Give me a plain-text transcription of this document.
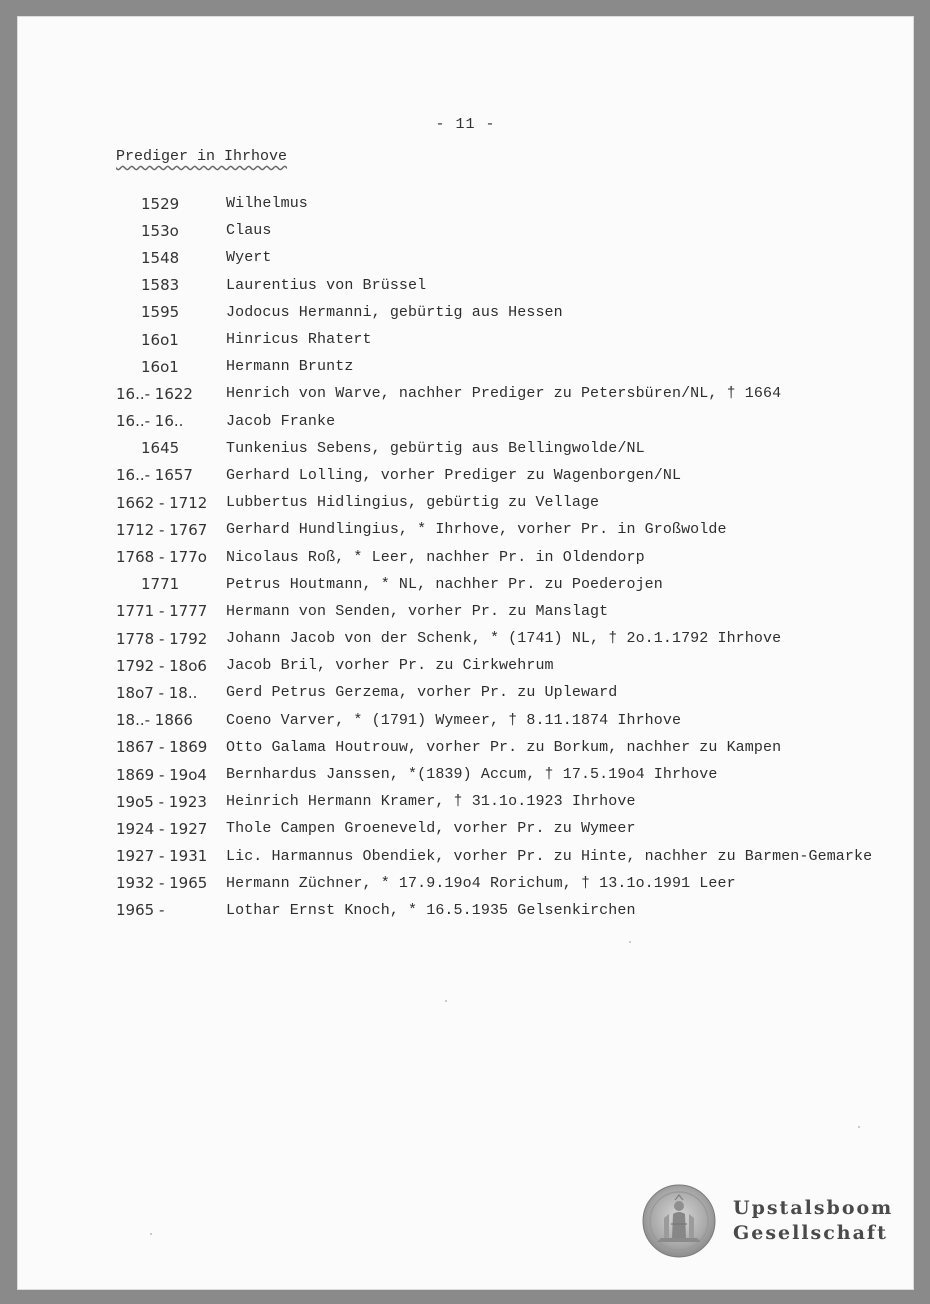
- 11 -
Prediger in Ihrhove
1529	Wilhelmus
153o	Claus
1548	Wyert
1583	Laurentius von Brüssel
1595	Jodocus Hermanni, gebürtig aus Hessen
16o1	Hinricus Rhatert
16o1	Hermann Bruntz
16..- 1622	Henrich von Warve, nachher Prediger zu Petersbüren/NL, † 1664
16..- 16..	Jacob Franke
1645	Tunkenius Sebens, gebürtig aus Bellingwolde/NL
16..- 1657	Gerhard Lolling, vorher Prediger zu Wagenborgen/NL
1662 - 1712	Lubbertus Hidlingius, gebürtig zu Vellage
1712 - 1767	Gerhard Hundlingius, * Ihrhove, vorher Pr. in Großwolde
1768 - 177o	Nicolaus Roß, * Leer, nachher Pr. in Oldendorp
1771	Petrus Houtmann, * NL, nachher Pr. zu Poederojen
1771 - 1777	Hermann von Senden, vorher Pr. zu Manslagt
1778 - 1792	Johann Jacob von der Schenk, * (1741) NL, † 2o.1.1792 Ihrhove
1792 - 18o6	Jacob Bril, vorher Pr. zu Cirkwehrum
18o7 - 18..	Gerd Petrus Gerzema, vorher Pr. zu Upleward
18..- 1866	Coeno Varver, * (1791) Wymeer, † 8.11.1874 Ihrhove
1867 - 1869	Otto Galama Houtrouw, vorher Pr. zu Borkum, nachher zu Kampen
1869 - 19o4	Bernhardus Janssen, *(1839) Accum, † 17.5.19o4 Ihrhove
19o5 - 1923	Heinrich Hermann Kramer, † 31.1o.1923 Ihrhove
1924 - 1927	Thole Campen Groeneveld, vorher Pr. zu Wymeer
1927 - 1931	Lic. Harmannus Obendiek, vorher Pr. zu Hinte, nachher zu Barmen-Gemarke
1932 - 1965	Hermann Züchner, * 17.9.19o4 Rorichum, † 13.1o.1991 Leer
1965 -	Lothar Ernst Knoch, * 16.5.1935 Gelsenkirchen
Upstalsboom
Gesellschaft
